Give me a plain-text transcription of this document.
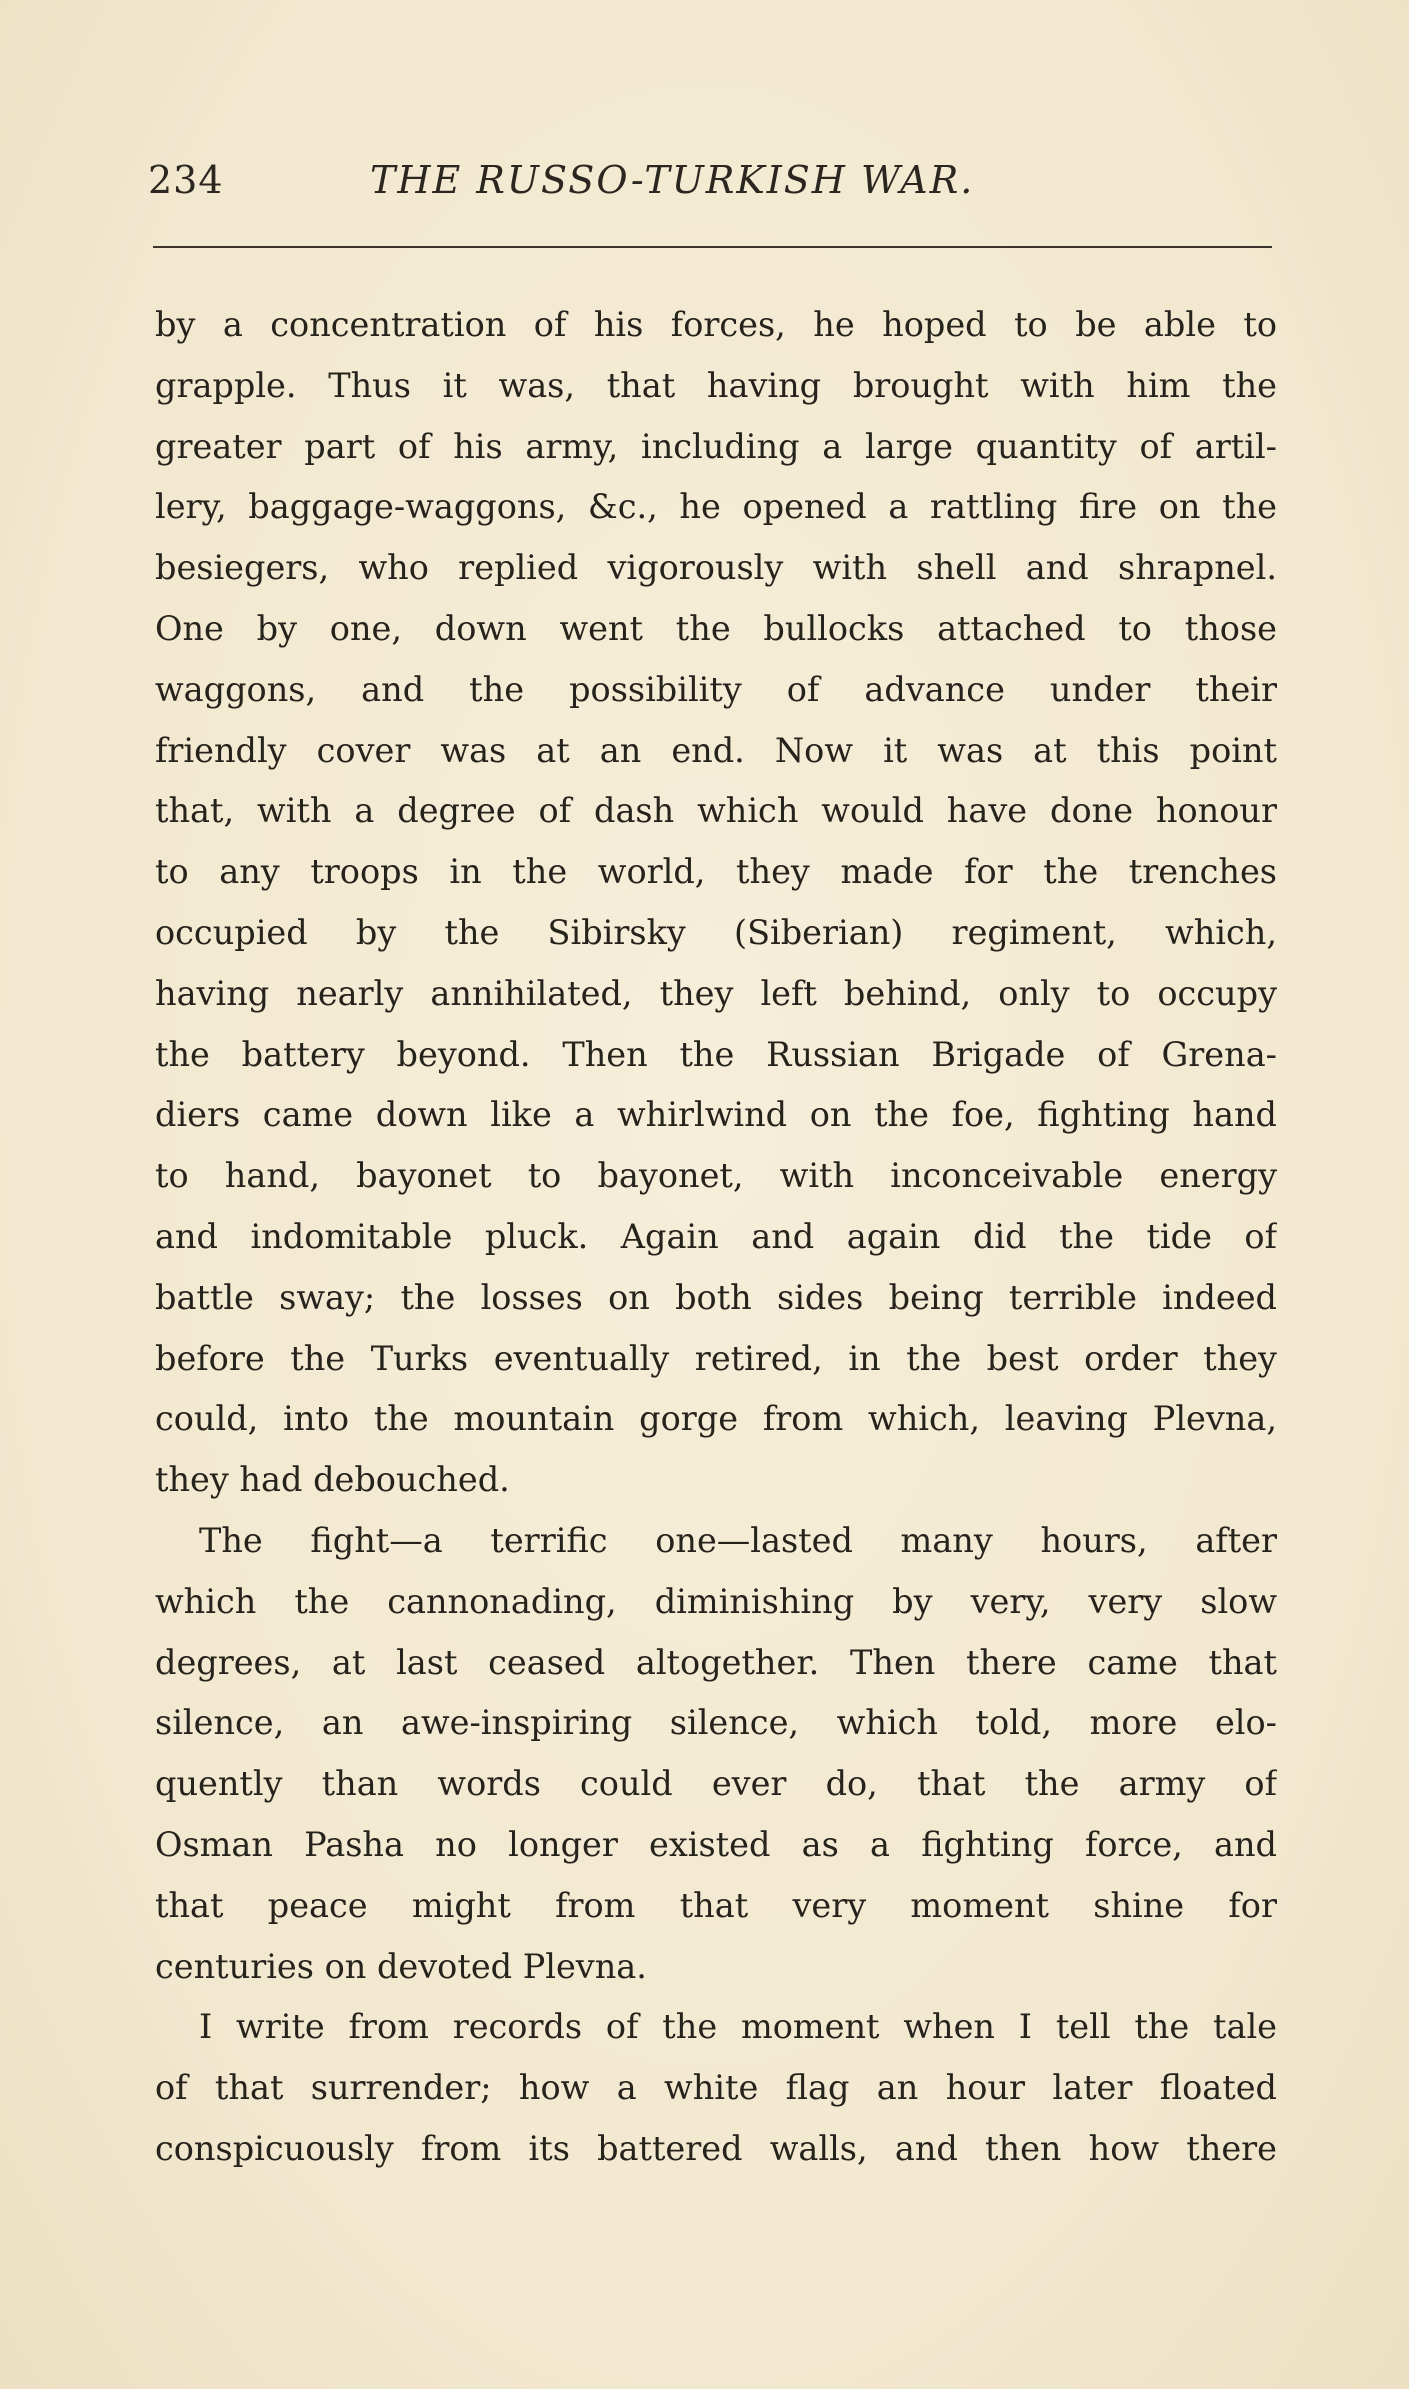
234	THE RUSSO-TURKISH WAR.
by a concentration of his forces, he hoped to be able to
grapple. Thus it was, that having brought with him the
greater part of his army, including a large quantity of artil-
lery, baggage-waggons, &c., he opened a rattling fire on the
besiegers, who replied vigorously with shell and shrapnel.
One by one, down went the bullocks attached to those
waggons, and the possibility of advance under their
friendly cover was at an end. Now it was at this point
that, with a degree of dash which would have done honour
to any troops in the world, they made for the trenches
occupied by the Sibirsky (Siberian) regiment, which,
having nearly annihilated, they left behind, only to occupy
the battery beyond. Then the Russian Brigade of Grena-
diers came down like a whirlwind on the foe, fighting hand
to hand, bayonet to bayonet, with inconceivable energy
and indomitable pluck. Again and again did the tide of
battle sway; the losses on both sides being terrible indeed
before the Turks eventually retired, in the best order they
could, into the mountain gorge from which, leaving Plevna,
they had debouched.
The fight—a terrific one—lasted many hours, after
which the cannonading, diminishing by very, very slow
degrees, at last ceased altogether. Then there came that
silence, an awe-inspiring silence, which told, more elo-
quently than words could ever do, that the army of
Osman Pasha no longer existed as a fighting force, and
that peace might from that very moment shine for
centuries on devoted Plevna.
I write from records of the moment when I tell the tale
of that surrender; how a white flag an hour later floated
conspicuously from its battered walls, and then how there
